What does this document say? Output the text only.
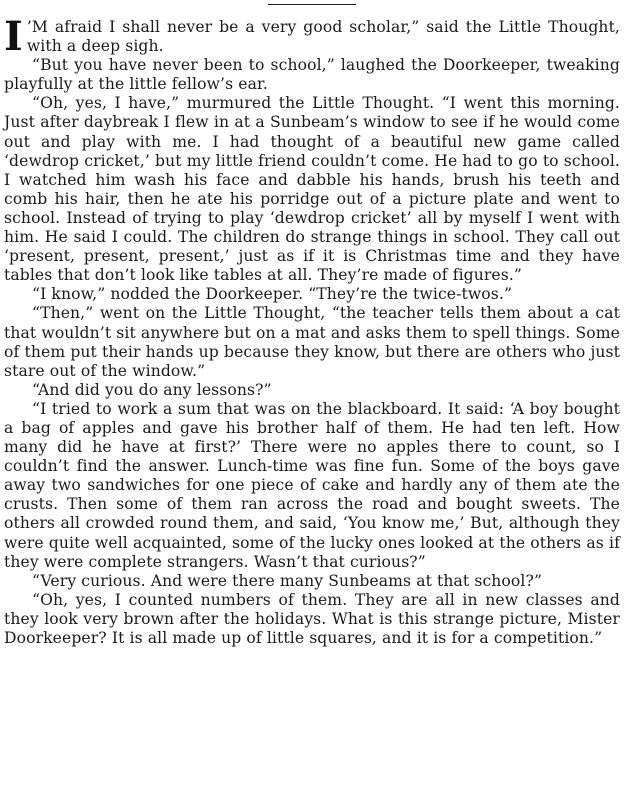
I ’M afraid I shall never be a very good scholar,” said the Little Thought, with a deep sigh.

“But you have never been to school,” laughed the Doorkeeper, tweaking playfully at the little fellow’s ear.

“Oh, yes, I have,” murmured the Little Thought. “I went this morning. Just after daybreak I flew in at a Sunbeam’s window to see if he would come out and play with me. I had thought of a beautiful new game called ‘dewdrop cricket,’ but my little friend couldn’t come. He had to go to school. I watched him wash his face and dabble his hands, brush his teeth and comb his hair, then he ate his porridge out of a picture plate and went to school. Instead of trying to play ‘dewdrop cricket’ all by myself I went with him. He said I could. The children do strange things in school. They call out ‘present, present, present,’ just as if it is Christmas time and they have tables that don’t look like tables at all. They’re made of figures.”

“I know,” nodded the Doorkeeper. “They’re the twice-twos.”

“Then,” went on the Little Thought, “the teacher tells them about a cat that wouldn’t sit anywhere but on a mat and asks them to spell things. Some of them put their hands up because they know, but there are others who just stare out of the window.”

“And did you do any lessons?”

“I tried to work a sum that was on the blackboard. It said: ‘A boy bought a bag of apples and gave his brother half of them. He had ten left. How many did he have at first?’ There were no apples there to count, so I couldn’t find the answer. Lunch-time was fine fun. Some of the boys gave away two sandwiches for one piece of cake and hardly any of them ate the crusts. Then some of them ran across the road and bought sweets. The others all crowded round them, and said, ‘You know me,’ But, although they were quite well acquainted, some of the lucky ones looked at the others as if they were complete strangers. Wasn’t that curious?”

“Very curious. And were there many Sunbeams at that school?”

“Oh, yes, I counted numbers of them. They are all in new classes and they look very brown after the holidays. What is this strange picture, Mister Doorkeeper? It is all made up of little squares, and it is for a competition.”
